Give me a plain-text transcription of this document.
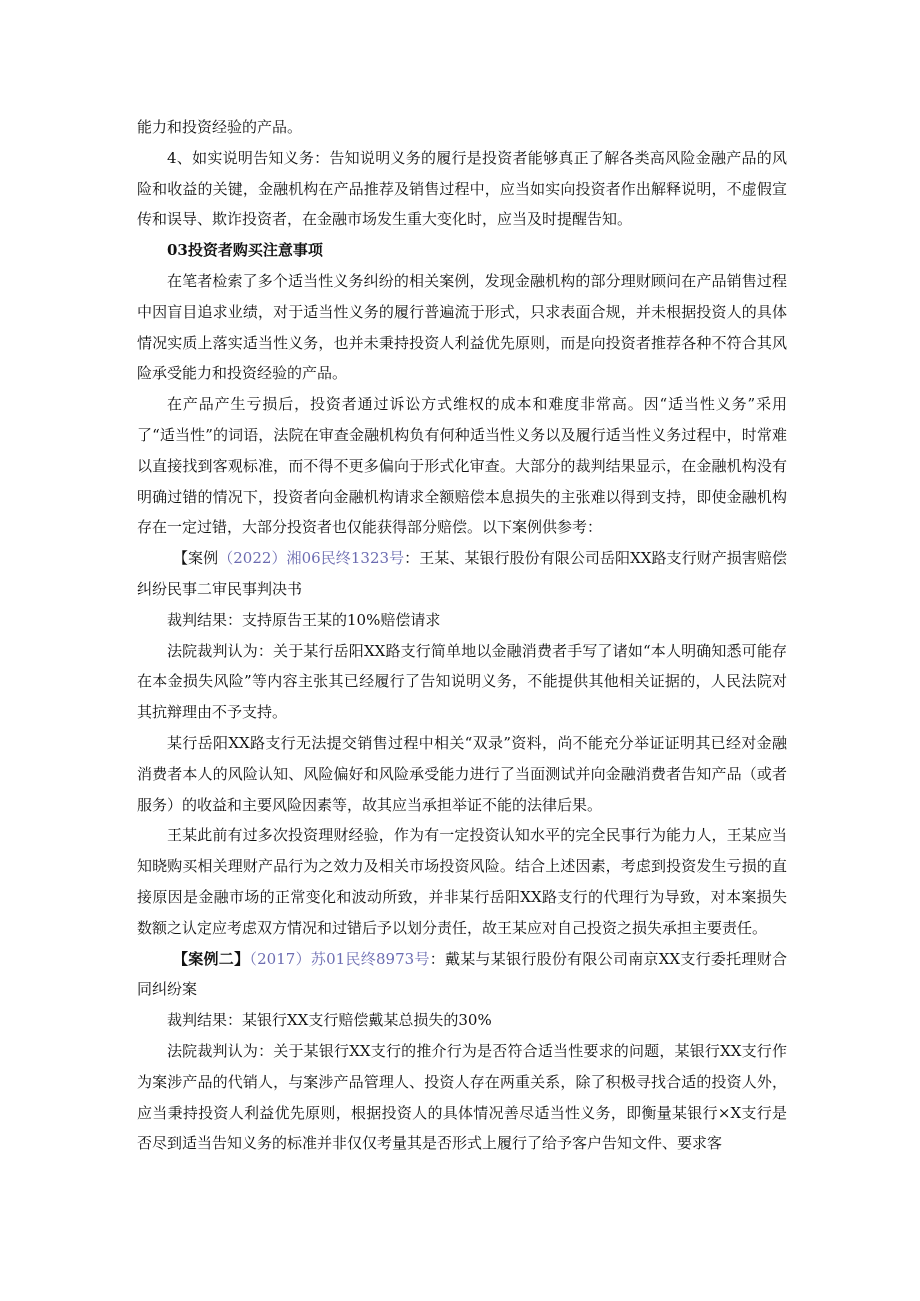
能力和投资经验的产品。

4、如实说明告知义务：告知说明义务的履行是投资者能够真正了解各类高风险金融产品的风险和收益的关键，金融机构在产品推荐及销售过程中，应当如实向投资者作出解释说明，不虚假宣传和误导、欺诈投资者，在金融市场发生重大变化时，应当及时提醒告知。

03投资者购买注意事项

在笔者检索了多个适当性义务纠纷的相关案例，发现金融机构的部分理财顾问在产品销售过程中因盲目追求业绩，对于适当性义务的履行普遍流于形式，只求表面合规，并未根据投资人的具体情况实质上落实适当性义务，也并未秉持投资人利益优先原则，而是向投资者推荐各种不符合其风险承受能力和投资经验的产品。

在产品产生亏损后，投资者通过诉讼方式维权的成本和难度非常高。因“适当性义务”采用了“适当性”的词语，法院在审查金融机构负有何种适当性义务以及履行适当性义务过程中，时常难以直接找到客观标准，而不得不更多偏向于形式化审查。大部分的裁判结果显示，在金融机构没有明确过错的情况下，投资者向金融机构请求全额赔偿本息损失的主张难以得到支持，即使金融机构存在一定过错，大部分投资者也仅能获得部分赔偿。以下案例供参考：

【案例（2022）湘06民终1323号：王某、某银行股份有限公司岳阳XX路支行财产损害赔偿纠纷民事二审民事判决书

裁判结果：支持原告王某的10%赔偿请求

法院裁判认为：关于某行岳阳XX路支行简单地以金融消费者手写了诸如“本人明确知悉可能存在本金损失风险”等内容主张其已经履行了告知说明义务，不能提供其他相关证据的，人民法院对其抗辩理由不予支持。

某行岳阳XX路支行无法提交销售过程中相关“双录”资料，尚不能充分举证证明其已经对金融消费者本人的风险认知、风险偏好和风险承受能力进行了当面测试并向金融消费者告知产品（或者服务）的收益和主要风险因素等，故其应当承担举证不能的法律后果。

王某此前有过多次投资理财经验，作为有一定投资认知水平的完全民事行为能力人，王某应当知晓购买相关理财产品行为之效力及相关市场投资风险。结合上述因素，考虑到投资发生亏损的直接原因是金融市场的正常变化和波动所致，并非某行岳阳XX路支行的代理行为导致，对本案损失数额之认定应考虑双方情况和过错后予以划分责任，故王某应对自己投资之损失承担主要责任。

【案例二】（2017）苏01民终8973号：戴某与某银行股份有限公司南京XX支行委托理财合同纠纷案

裁判结果：某银行XX支行赔偿戴某总损失的30%

法院裁判认为：关于某银行XX支行的推介行为是否符合适当性要求的问题，某银行XX支行作为案涉产品的代销人，与案涉产品管理人、投资人存在两重关系，除了积极寻找合适的投资人外，应当秉持投资人利益优先原则，根据投资人的具体情况善尽适当性义务，即衡量某银行×X支行是否尽到适当告知义务的标准并非仅仅考量其是否形式上履行了给予客户告知文件、要求客
